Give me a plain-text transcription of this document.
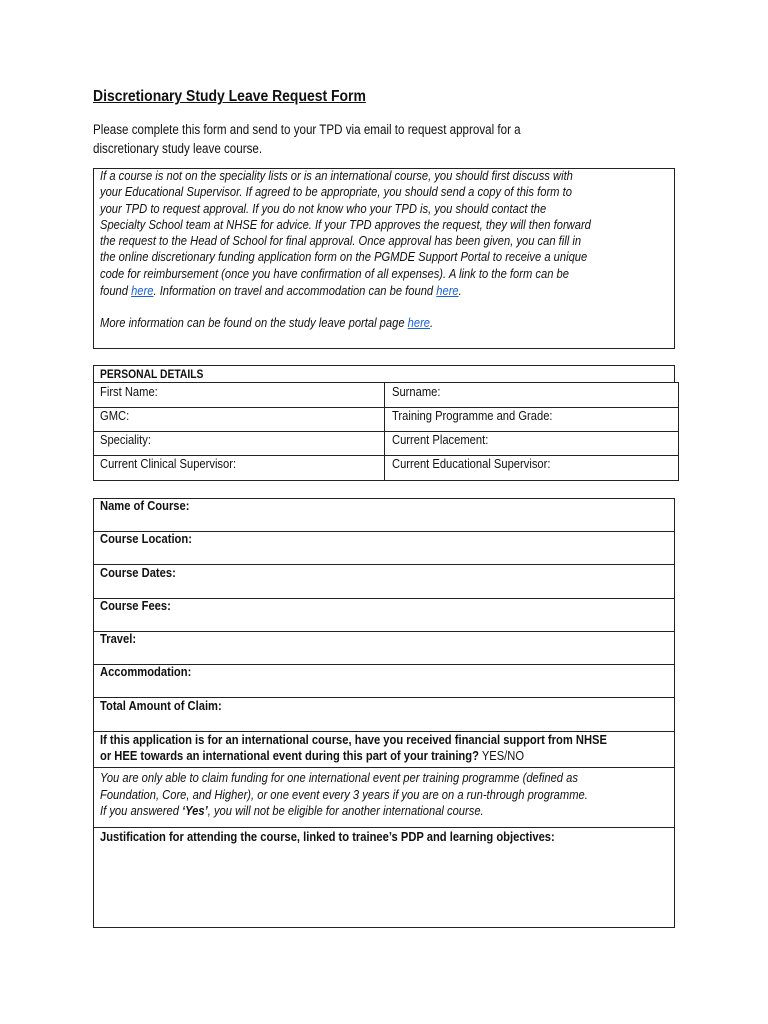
Discretionary Study Leave Request Form
Please complete this form and send to your TPD via email to request approval for a
discretionary study leave course.
If a course is not on the speciality lists or is an international course, you should first discuss with
your Educational Supervisor. If agreed to be appropriate, you should send a copy of this form to
your TPD to request approval. If you do not know who your TPD is, you should contact the
Specialty School team at NHSE for advice. If your TPD approves the request, they will then forward
the request to the Head of School for final approval. Once approval has been given, you can fill in
the online discretionary funding application form on the PGMDE Support Portal to receive a unique
code for reimbursement (once you have confirmation of all expenses). A link to the form can be
found here. Information on travel and accommodation can be found here.
More information can be found on the study leave portal page here.
PERSONAL DETAILS
First Name:	Surname:
GMC:	Training Programme and Grade:
Speciality:	Current Placement:
Current Clinical Supervisor:	Current Educational Supervisor:
Name of Course:
Course Location:
Course Dates:
Course Fees:
Travel:
Accommodation:
Total Amount of Claim:
If this application is for an international course, have you received financial support from NHSE
or HEE towards an international event during this part of your training? YES/NO
You are only able to claim funding for one international event per training programme (defined as
Foundation, Core, and Higher), or one event every 3 years if you are on a run-through programme.
If you answered ‘Yes’, you will not be eligible for another international course.
Justification for attending the course, linked to trainee’s PDP and learning objectives:
